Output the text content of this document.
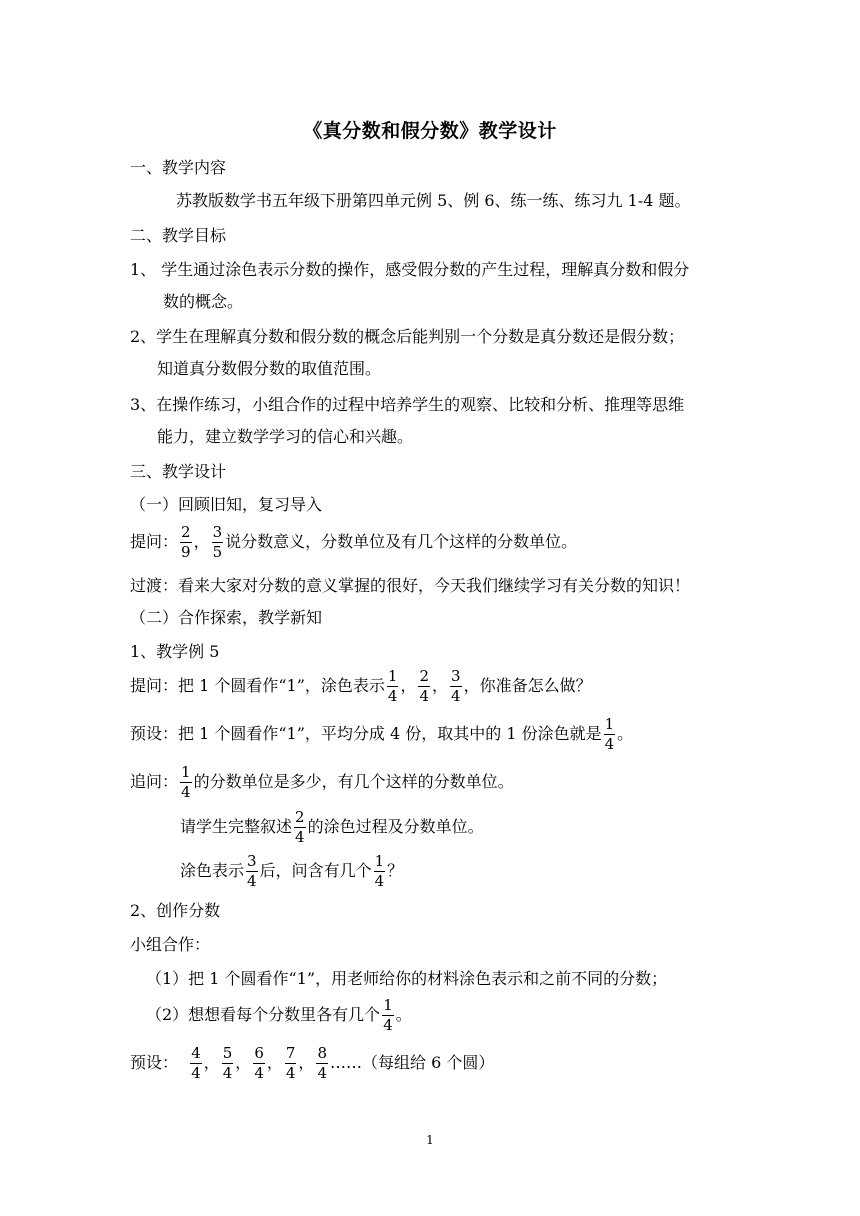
《真分数和假分数》教学设计
一、教学内容
苏教版数学书五年级下册第四单元例 5、例 6、练一练、练习九 1-4 题。
二、教学目标
1、 学生通过涂色表示分数的操作，感受假分数的产生过程，理解真分数和假分
数的概念。
2、学生在理解真分数和假分数的概念后能判别一个分数是真分数还是假分数；
知道真分数假分数的取值范围。
3、在操作练习，小组合作的过程中培养学生的观察、比较和分析、推理等思维
能力，建立数学学习的信心和兴趣。
三、教学设计
（一）回顾旧知，复习导入
提问： $\frac{2}{9}$ ， $\frac{3}{5}$ 说分数意义，分数单位及有几个这样的分数单位。
过渡：看来大家对分数的意义掌握的很好，今天我们继续学习有关分数的知识！
（二）合作探索，教学新知
1、教学例 5
提问：把 1 个圆看作“1”，涂色表示 $\frac{1}{4}$ ， $\frac{2}{4}$ ， $\frac{3}{4}$ ，你准备怎么做？
预设：把 1 个圆看作“1”，平均分成 4 份，取其中的 1 份涂色就是 $\frac{1}{4}$ 。
追问： $\frac{1}{4}$ 的分数单位是多少，有几个这样的分数单位。
请学生完整叙述 $\frac{2}{4}$ 的涂色过程及分数单位。
涂色表示 $\frac{3}{4}$ 后，问含有几个 $\frac{1}{4}$ ？
2、创作分数
小组合作：
（1）把 1 个圆看作“1”，用老师给你的材料涂色表示和之前不同的分数；
（2）想想看每个分数里各有几个 $\frac{1}{4}$ 。
预设： $\frac{4}{4}$ ， $\frac{5}{4}$ ， $\frac{6}{4}$ ， $\frac{7}{4}$ ， $\frac{8}{4}$ ……（每组给 6 个圆）
1
